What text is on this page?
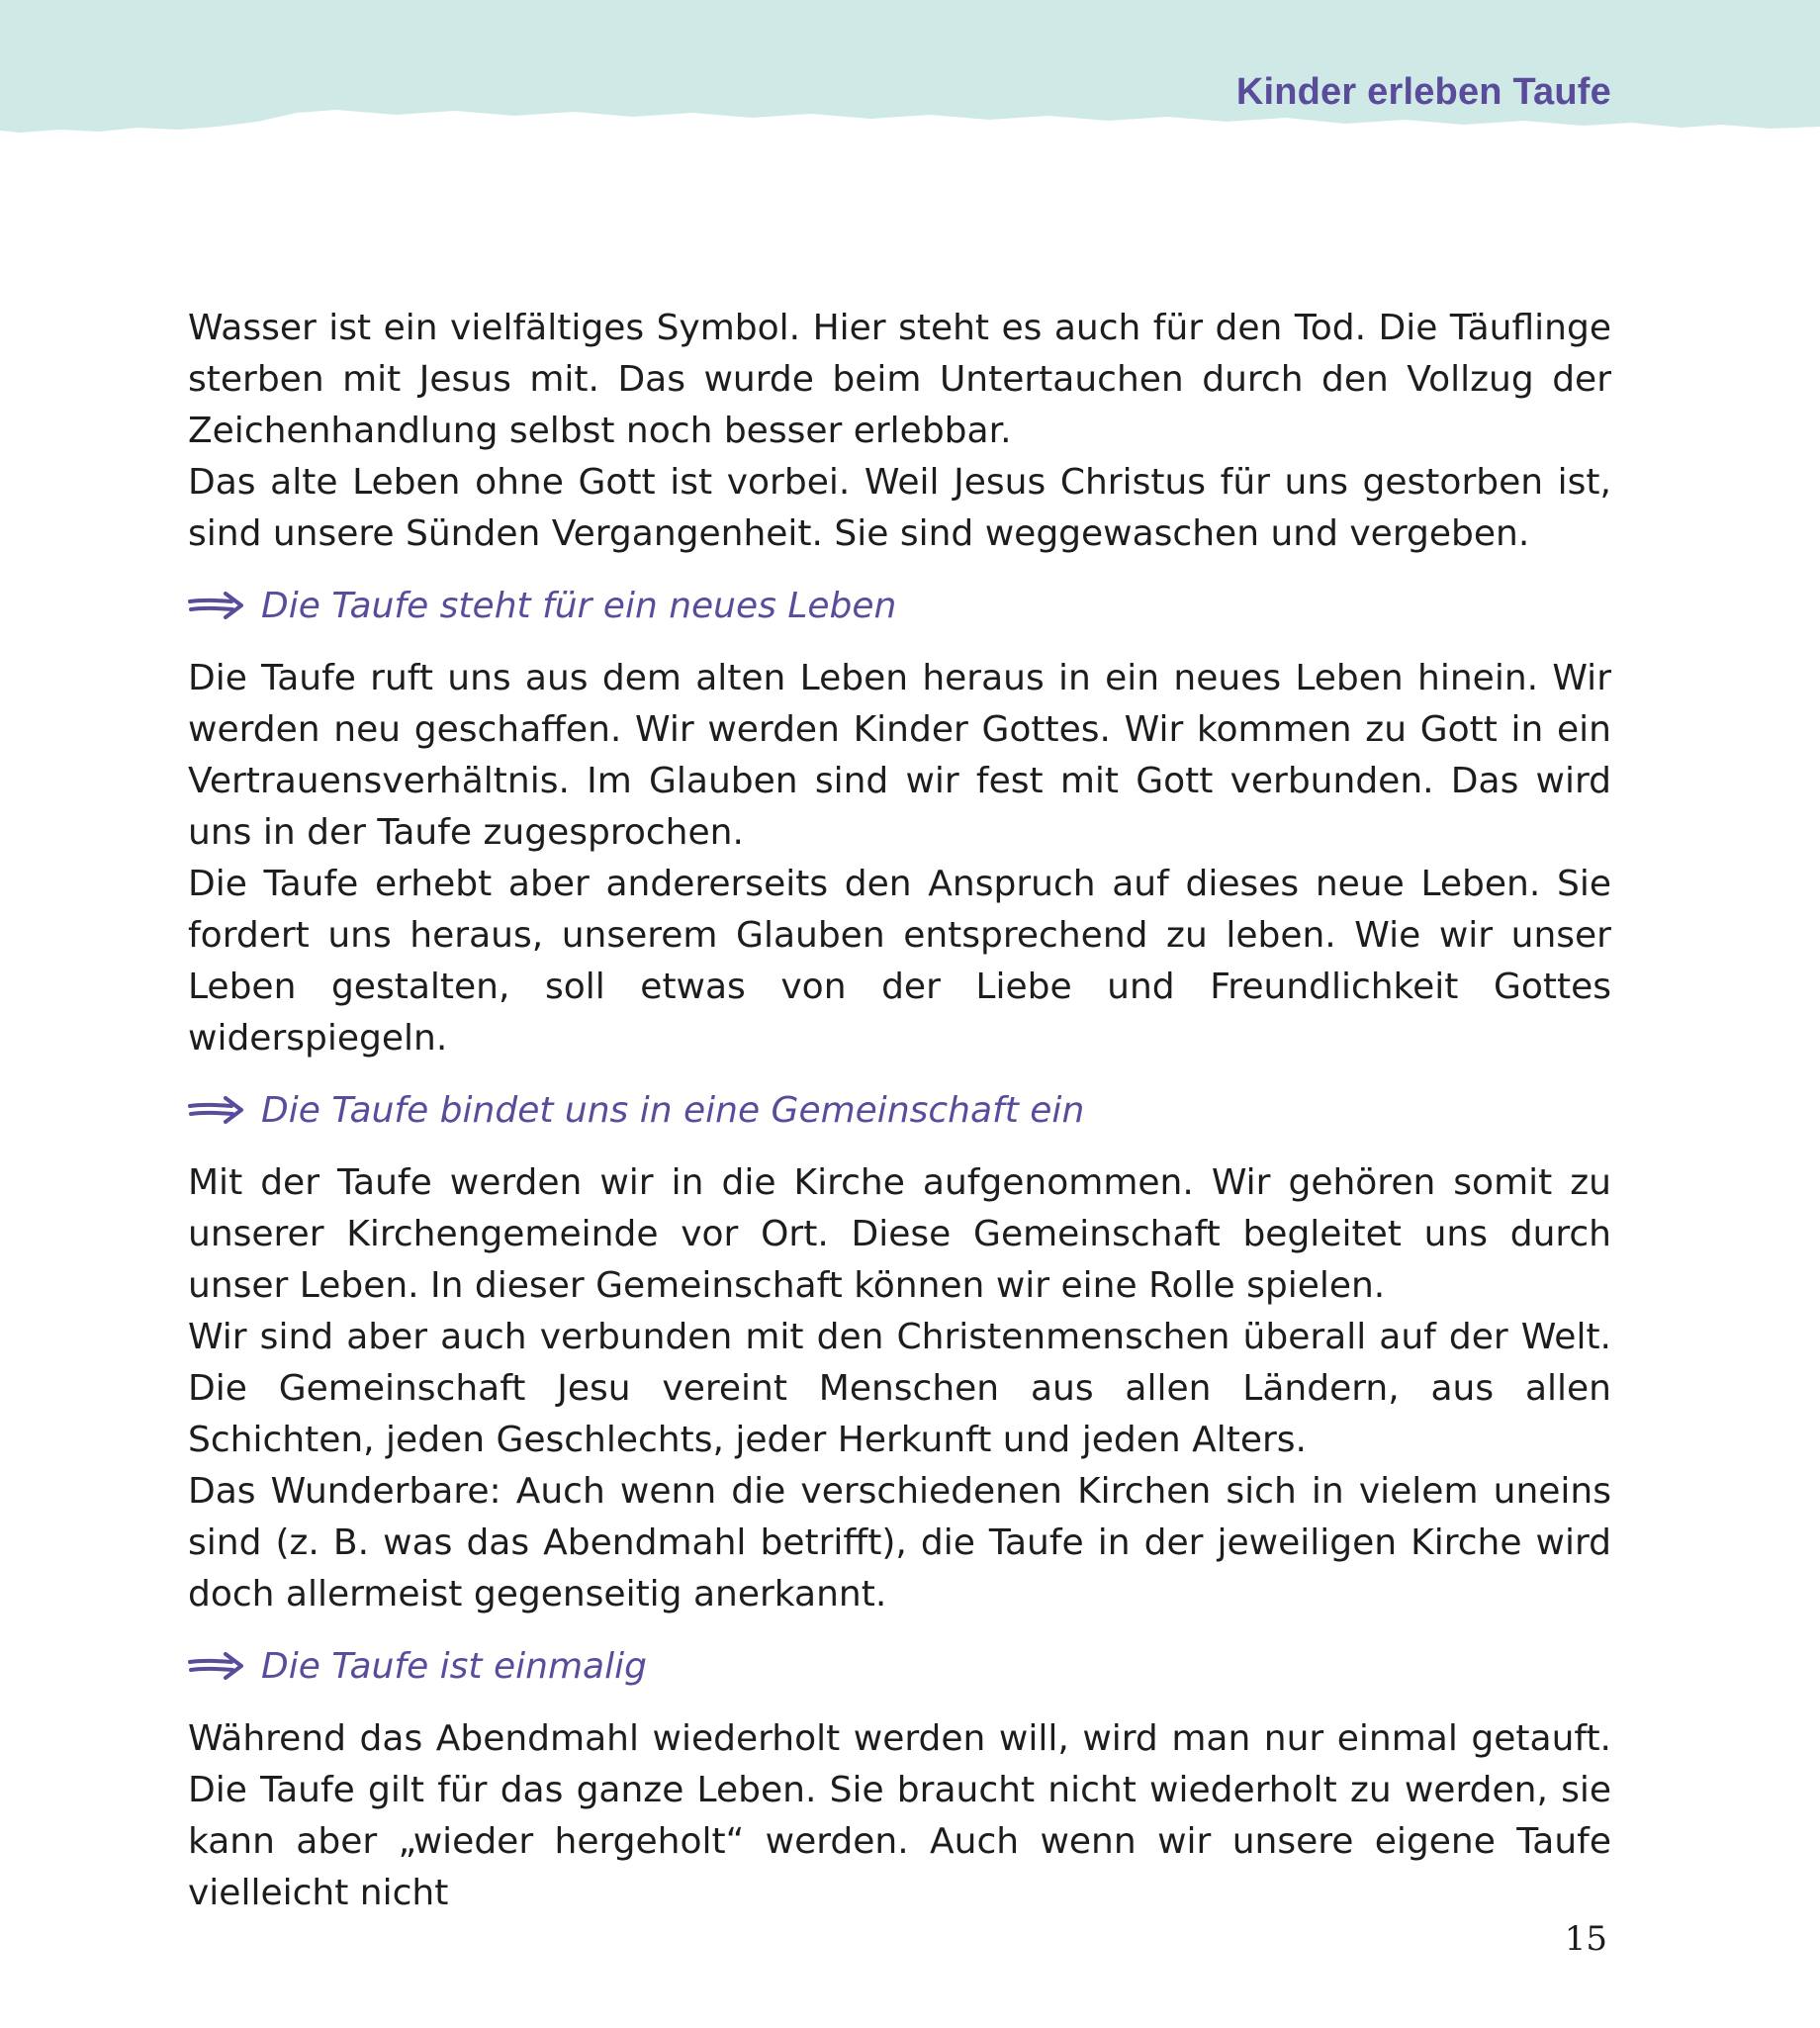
Kinder erleben Taufe

Wasser ist ein vielfältiges Symbol. Hier steht es auch für den Tod. Die Täuflinge sterben mit Jesus mit. Das wurde beim Untertauchen durch den Vollzug der Zeichenhandlung selbst noch besser erlebbar.

Das alte Leben ohne Gott ist vorbei. Weil Jesus Christus für uns gestorben ist, sind unsere Sünden Vergangenheit. Sie sind weggewaschen und vergeben.

Die Taufe steht für ein neues Leben

Die Taufe ruft uns aus dem alten Leben heraus in ein neues Leben hinein. Wir werden neu geschaffen. Wir werden Kinder Gottes. Wir kommen zu Gott in ein Vertrauensverhältnis. Im Glauben sind wir fest mit Gott verbunden. Das wird uns in der Taufe zugesprochen.

Die Taufe erhebt aber andererseits den Anspruch auf dieses neue Leben. Sie fordert uns heraus, unserem Glauben entsprechend zu leben. Wie wir unser Leben gestalten, soll etwas von der Liebe und Freundlichkeit Gottes widerspiegeln.

Die Taufe bindet uns in eine Gemeinschaft ein

Mit der Taufe werden wir in die Kirche aufgenommen. Wir gehören somit zu unserer Kirchengemeinde vor Ort. Diese Gemeinschaft begleitet uns durch unser Leben. In dieser Gemeinschaft können wir eine Rolle spielen.

Wir sind aber auch verbunden mit den Christenmenschen überall auf der Welt. Die Gemeinschaft Jesu vereint Menschen aus allen Ländern, aus allen Schichten, jeden Geschlechts, jeder Herkunft und jeden Alters.

Das Wunderbare: Auch wenn die verschiedenen Kirchen sich in vielem uneins sind (z. B. was das Abendmahl betrifft), die Taufe in der jeweiligen Kirche wird doch allermeist gegenseitig anerkannt.

Die Taufe ist einmalig

Während das Abendmahl wiederholt werden will, wird man nur einmal getauft. Die Taufe gilt für das ganze Leben. Sie braucht nicht wiederholt zu werden, sie kann aber „wieder hergeholt“ werden. Auch wenn wir unsere eigene Taufe vielleicht nicht

15
